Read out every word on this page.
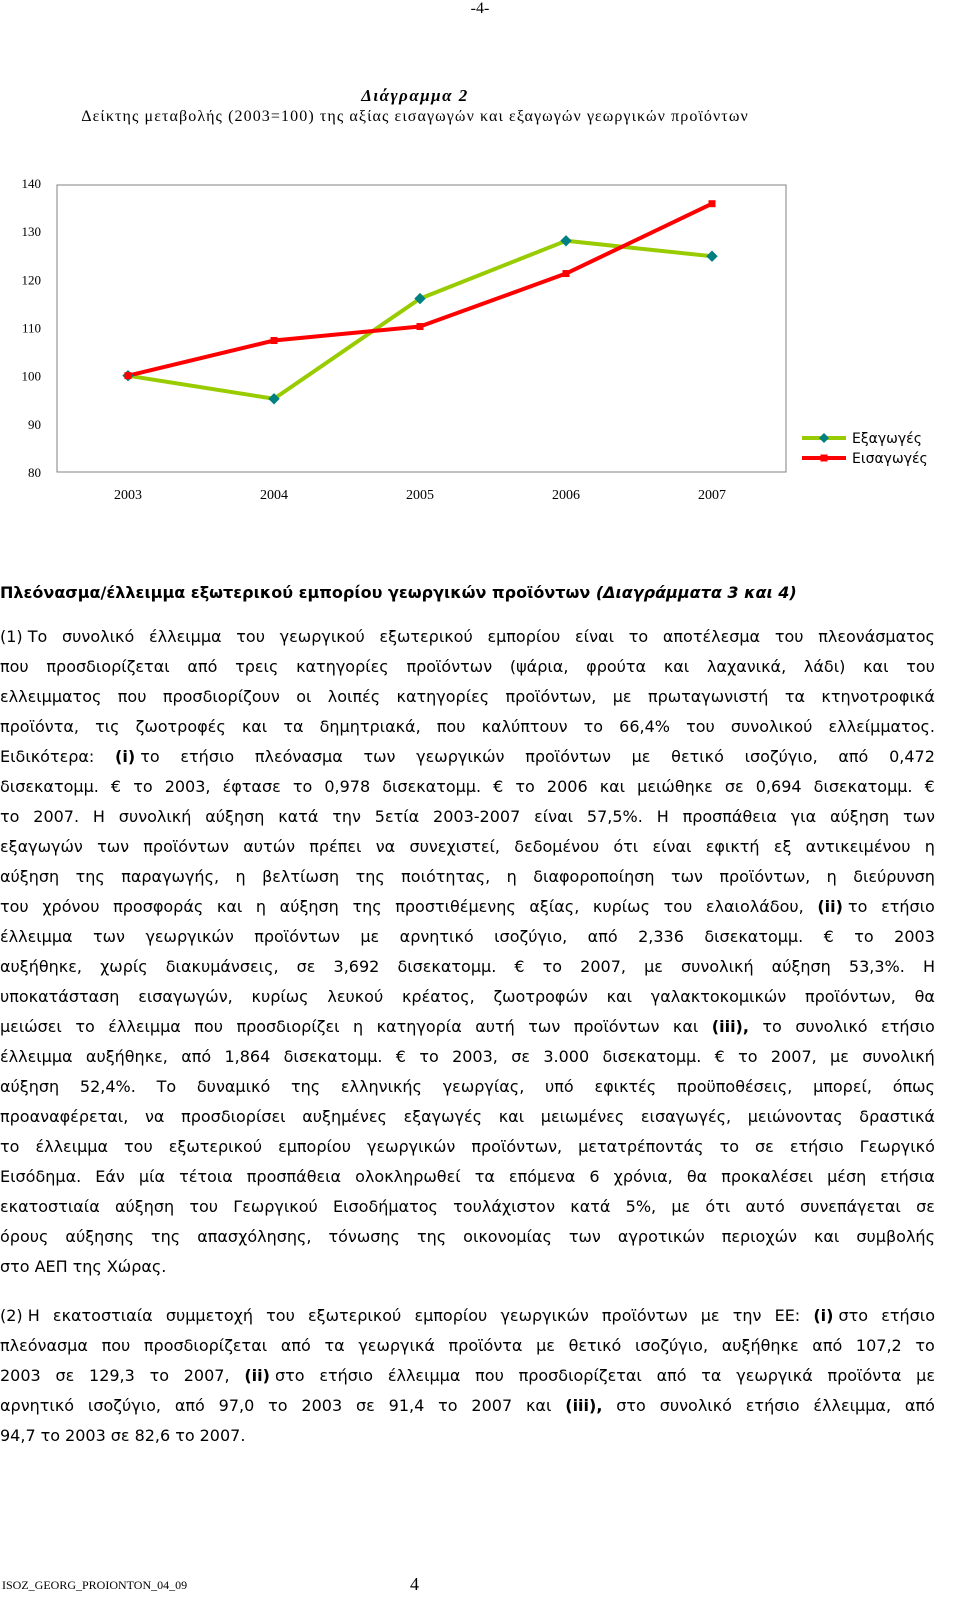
-4-
Διάγραμμα 2
Δείκτης μεταβολής (2003=100) της αξίας εισαγωγών και εξαγωγών γεωργικών προϊόντων
140
130
120
110
100
90
80
2003	2004	2005	2006	2007
Εξαγωγές
Εισαγωγές
Πλεόνασμα/έλλειμμα εξωτερικού εμπορίου γεωργικών προϊόντων (Διαγράμματα 3 και 4)
(1) Το συνολικό έλλειμμα του γεωργικού εξωτερικού εμπορίου είναι το αποτέλεσμα του πλεονάσματος
που προσδιορίζεται από τρεις κατηγορίες προϊόντων (ψάρια, φρούτα και λαχανικά, λάδι) και του
ελλειμματος που προσδιορίζουν οι λοιπές κατηγορίες προϊόντων, με πρωταγωνιστή τα κτηνοτροφικά
προϊόντα, τις ζωοτροφές και τα δημητριακά, που καλύπτουν το 66,4% του συνολικού ελλείμματος.
Ειδικότερα: (i) το ετήσιο πλεόνασμα των γεωργικών προϊόντων με θετικό ισοζύγιο, από 0,472
δισεκατομμ. € το 2003, έφτασε το 0,978 δισεκατομμ. € το 2006 και μειώθηκε σε 0,694 δισεκατομμ. €
το 2007. Η συνολική αύξηση κατά την 5ετία 2003-2007 είναι 57,5%. Η προσπάθεια για αύξηση των
εξαγωγών των προϊόντων αυτών πρέπει να συνεχιστεί, δεδομένου ότι είναι εφικτή εξ αντικειμένου η
αύξηση της παραγωγής, η βελτίωση της ποιότητας, η διαφοροποίηση των προϊόντων, η διεύρυνση
του χρόνου προσφοράς και η αύξηση της προστιθέμενης αξίας, κυρίως του ελαιολάδου, (ii) το ετήσιο
έλλειμμα των γεωργικών προϊόντων με αρνητικό ισοζύγιο, από 2,336 δισεκατομμ. € το 2003
αυξήθηκε, χωρίς διακυμάνσεις, σε 3,692 δισεκατομμ. € το 2007, με συνολική αύξηση 53,3%. Η
υποκατάσταση εισαγωγών, κυρίως λευκού κρέατος, ζωοτροφών και γαλακτοκομικών προϊόντων, θα
μειώσει το έλλειμμα που προσδιορίζει η κατηγορία αυτή των προϊόντων και (iii), το συνολικό ετήσιο
έλλειμμα αυξήθηκε, από 1,864 δισεκατομμ. € το 2003, σε 3.000 δισεκατομμ. € το 2007, με συνολική
αύξηση 52,4%. Το δυναμικό της ελληνικής γεωργίας, υπό εφικτές προϋποθέσεις, μπορεί, όπως
προαναφέρεται, να προσδιορίσει αυξημένες εξαγωγές και μειωμένες εισαγωγές, μειώνοντας δραστικά
το έλλειμμα του εξωτερικού εμπορίου γεωργικών προϊόντων, μετατρέποντάς το σε ετήσιο Γεωργικό
Εισόδημα. Εάν μία τέτοια προσπάθεια ολοκληρωθεί τα επόμενα 6 χρόνια, θα προκαλέσει μέση ετήσια
εκατοστιαία αύξηση του Γεωργικού Εισοδήματος τουλάχιστον κατά 5%, με ότι αυτό συνεπάγεται σε
όρους αύξησης της απασχόλησης, τόνωσης της οικονομίας των αγροτικών περιοχών και συμβολής
στο ΑΕΠ της Χώρας.
(2) Η εκατοστιαία συμμετοχή του εξωτερικού εμπορίου γεωργικών προϊόντων με την ΕΕ: (i) στο ετήσιο
πλεόνασμα που προσδιορίζεται από τα γεωργικά προϊόντα με θετικό ισοζύγιο, αυξήθηκε από 107,2 το
2003 σε 129,3 το 2007, (ii) στο ετήσιο έλλειμμα που προσδιορίζεται από τα γεωργικά προϊόντα με
αρνητικό ισοζύγιο, από 97,0 το 2003 σε 91,4 το 2007 και (iii), στο συνολικό ετήσιο έλλειμμα, από
94,7 το 2003 σε 82,6 το 2007.
ISOZ_GEORG_PROIONTON_04_09	4
